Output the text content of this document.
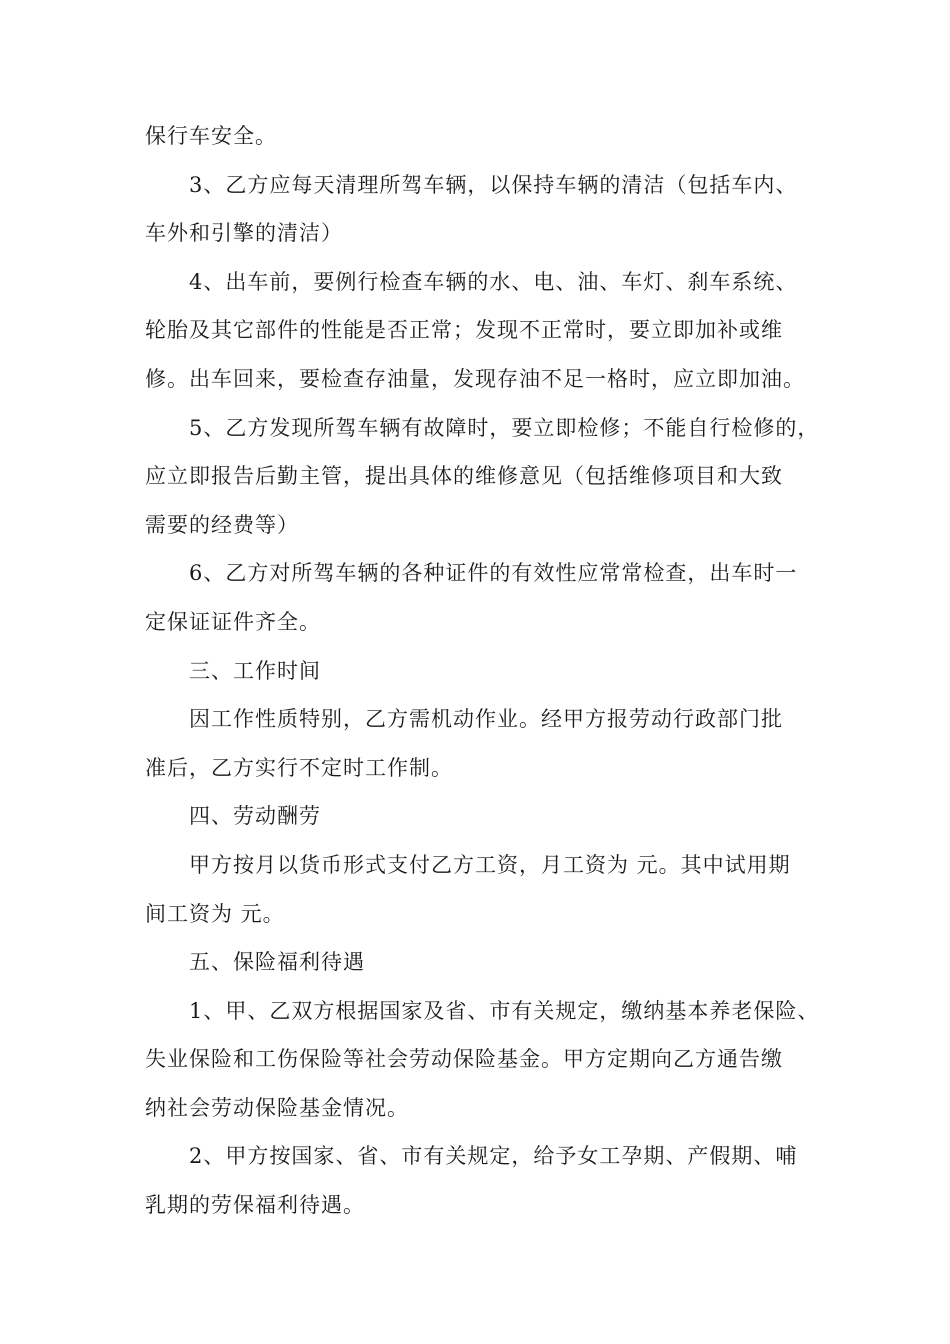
保行车安全。
3、乙方应每天清理所驾车辆，以保持车辆的清洁（包括车内、
车外和引擎的清洁）
4、出车前，要例行检查车辆的水、电、油、车灯、刹车系统、
轮胎及其它部件的性能是否正常；发现不正常时，要立即加补或维
修。出车回来，要检查存油量，发现存油不足一格时，应立即加油。
5、乙方发现所驾车辆有故障时，要立即检修；不能自行检修的，
应立即报告后勤主管，提出具体的维修意见（包括维修项目和大致
需要的经费等）
6、乙方对所驾车辆的各种证件的有效性应常常检查，出车时一
定保证证件齐全。
三、工作时间
因工作性质特别，乙方需机动作业。经甲方报劳动行政部门批
准后，乙方实行不定时工作制。
四、劳动酬劳
甲方按月以货币形式支付乙方工资，月工资为 元。其中试用期
间工资为 元。
五、保险福利待遇
1、甲、乙双方根据国家及省、市有关规定，缴纳基本养老保险、
失业保险和工伤保险等社会劳动保险基金。甲方定期向乙方通告缴
纳社会劳动保险基金情况。
2、甲方按国家、省、市有关规定，给予女工孕期、产假期、哺
乳期的劳保福利待遇。
